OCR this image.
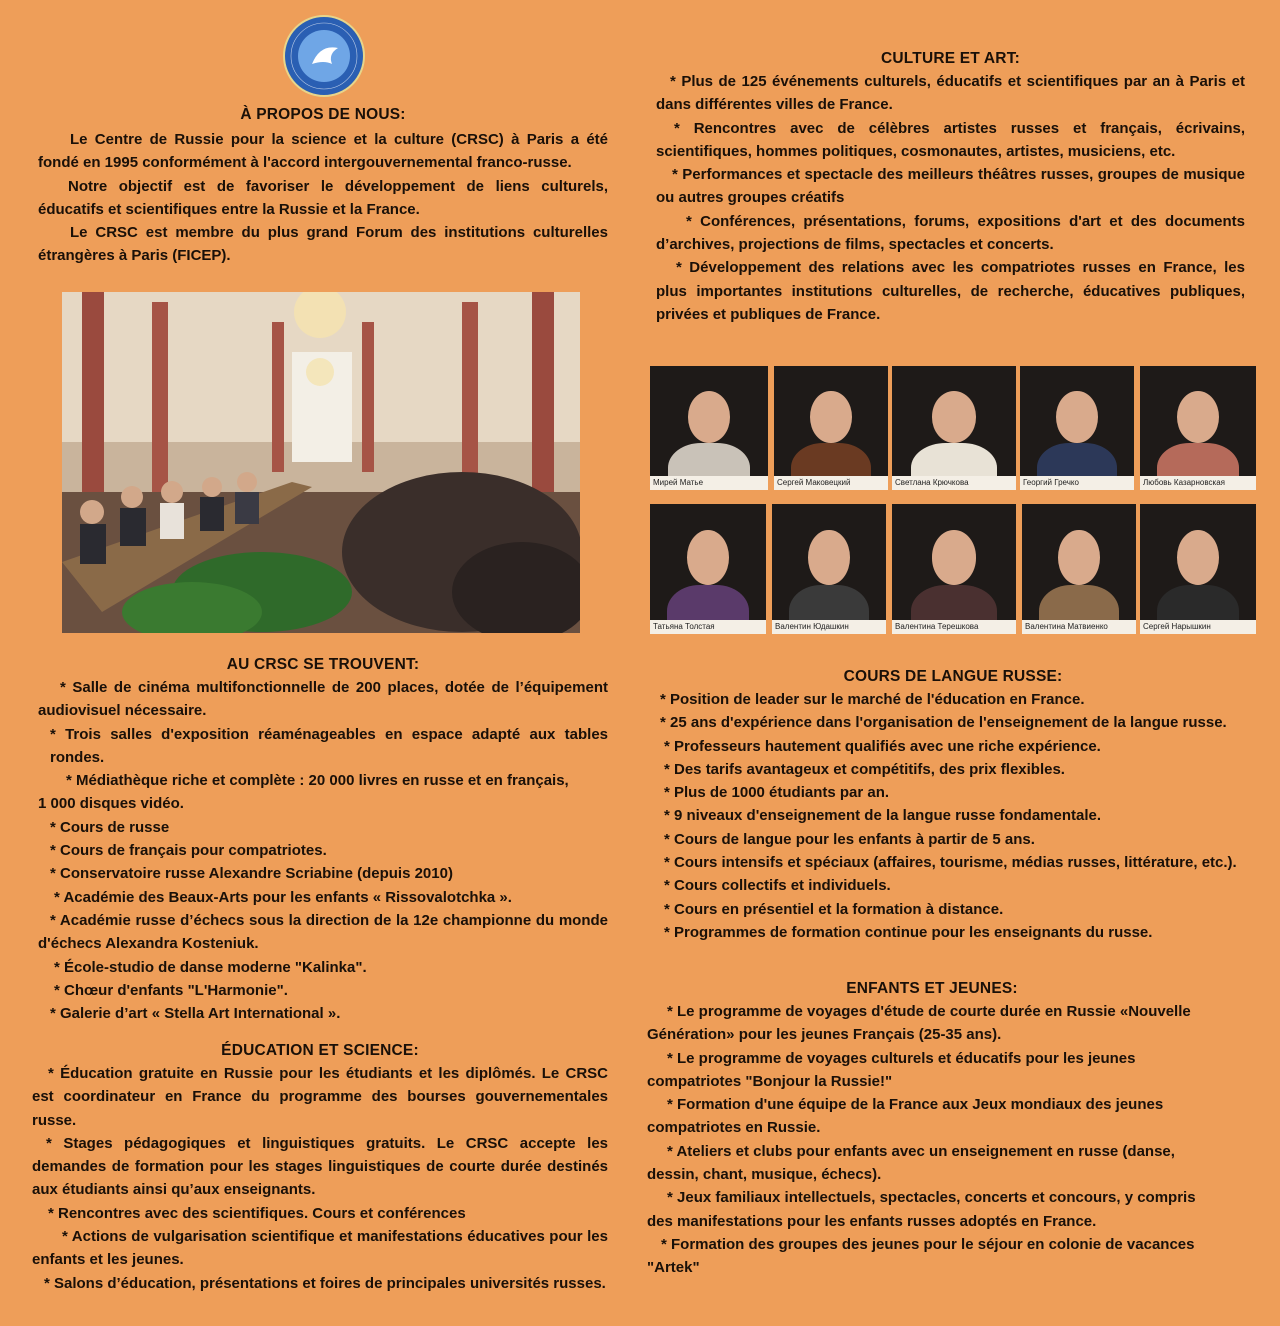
À PROPOS DE NOUS:

Le Centre de Russie pour la science et la culture (CRSC) à Paris a été fondé en 1995 conformément à l'accord intergouvernemental franco-russe.

Notre objectif est de favoriser le développement de liens culturels, éducatifs et scientifiques entre la Russie et la France.

Le CRSC est membre du plus grand Forum des institutions culturelles étrangères à Paris (FICEP).

AU CRSC SE TROUVENT:

* Salle de cinéma multifonctionnelle de 200 places, dotée de l’équipement audiovisuel nécessaire.

* Trois salles d'exposition réaménageables en espace adapté aux tables rondes.

* Médiathèque riche et complète : 20 000 livres en russe et en français,

1 000 disques vidéo.

* Cours de russe

* Cours de français pour compatriotes.

* Conservatoire russe Alexandre Scriabine (depuis 2010)

* Académie des Beaux-Arts pour les enfants « Rissovalotchka ».

* Académie russe d’échecs sous la direction de la 12e championne du monde d'échecs Alexandra Kosteniuk.

* École-studio de danse moderne "Kalinka".

* Chœur d'enfants "L'Harmonie".

* Galerie d’art « Stella Art International ».

ÉDUCATION ET SCIENCE:

* Éducation gratuite en Russie pour les étudiants et les diplômés. Le CRSC est coordinateur en France du programme des bourses gouvernementales russe.

* Stages pédagogiques et linguistiques gratuits. Le CRSC accepte les demandes de formation pour les stages linguistiques de courte durée destinés aux étudiants ainsi qu’aux enseignants.

* Rencontres avec des scientifiques. Cours et conférences

* Actions de vulgarisation scientifique et manifestations éducatives pour les enfants et les jeunes.

* Salons d’éducation, présentations et foires de principales universités russes.

CULTURE ET ART:

* Plus de 125 événements culturels, éducatifs et scientifiques par an à Paris et dans différentes villes de France.

* Rencontres avec de célèbres artistes russes et français, écrivains, scientifiques, hommes politiques, cosmonautes, artistes, musiciens, etc.

* Performances et spectacle des meilleurs théâtres russes, groupes de musique ou autres groupes créatifs

* Conférences, présentations, forums, expositions d'art et des documents d’archives, projections de films, spectacles et concerts.

* Développement des relations avec les compatriotes russes en France, les plus importantes institutions culturelles, de recherche, éducatives publiques, privées et publiques de France.

Мирей Матье	Сергей Маковецкий	Светлана Крючкова	Георгий Гречко	Любовь Казарновская
Татьяна Толстая	Валентин Юдашкин	Валентина Терешкова	Валентина Матвиенко	Сергей Нарышкин
COURS DE LANGUE RUSSE:

* Position de leader sur le marché de l'éducation en France.

* 25 ans d'expérience dans l'organisation de l'enseignement de la langue russe.

* Professeurs hautement qualifiés avec une riche expérience.

* Des tarifs avantageux et compétitifs, des prix flexibles.

* Plus de 1000 étudiants par an.

* 9 niveaux d'enseignement de la langue russe fondamentale.

* Cours de langue pour les enfants à partir de 5 ans.

* Cours intensifs et spéciaux (affaires, tourisme, médias russes, littérature, etc.).

* Cours collectifs et individuels.

* Cours en présentiel et la formation à distance.

* Programmes de formation continue pour les enseignants du russe.

ENFANTS ET JEUNES:

* Le programme de voyages d'étude de courte durée en Russie «Nouvelle Génération» pour les jeunes Français (25-35 ans).

* Le programme de voyages culturels et éducatifs pour les jeunes compatriotes "Bonjour la Russie!"

* Formation d'une équipe de la France aux Jeux mondiaux des jeunes compatriotes en Russie.

* Ateliers et clubs pour enfants avec un enseignement en russe (danse, dessin, chant, musique, échecs).

* Jeux familiaux intellectuels, spectacles, concerts et concours, y compris des manifestations pour les enfants russes adoptés en France.

* Formation des groupes des jeunes pour le séjour en colonie de vacances "Artek"
